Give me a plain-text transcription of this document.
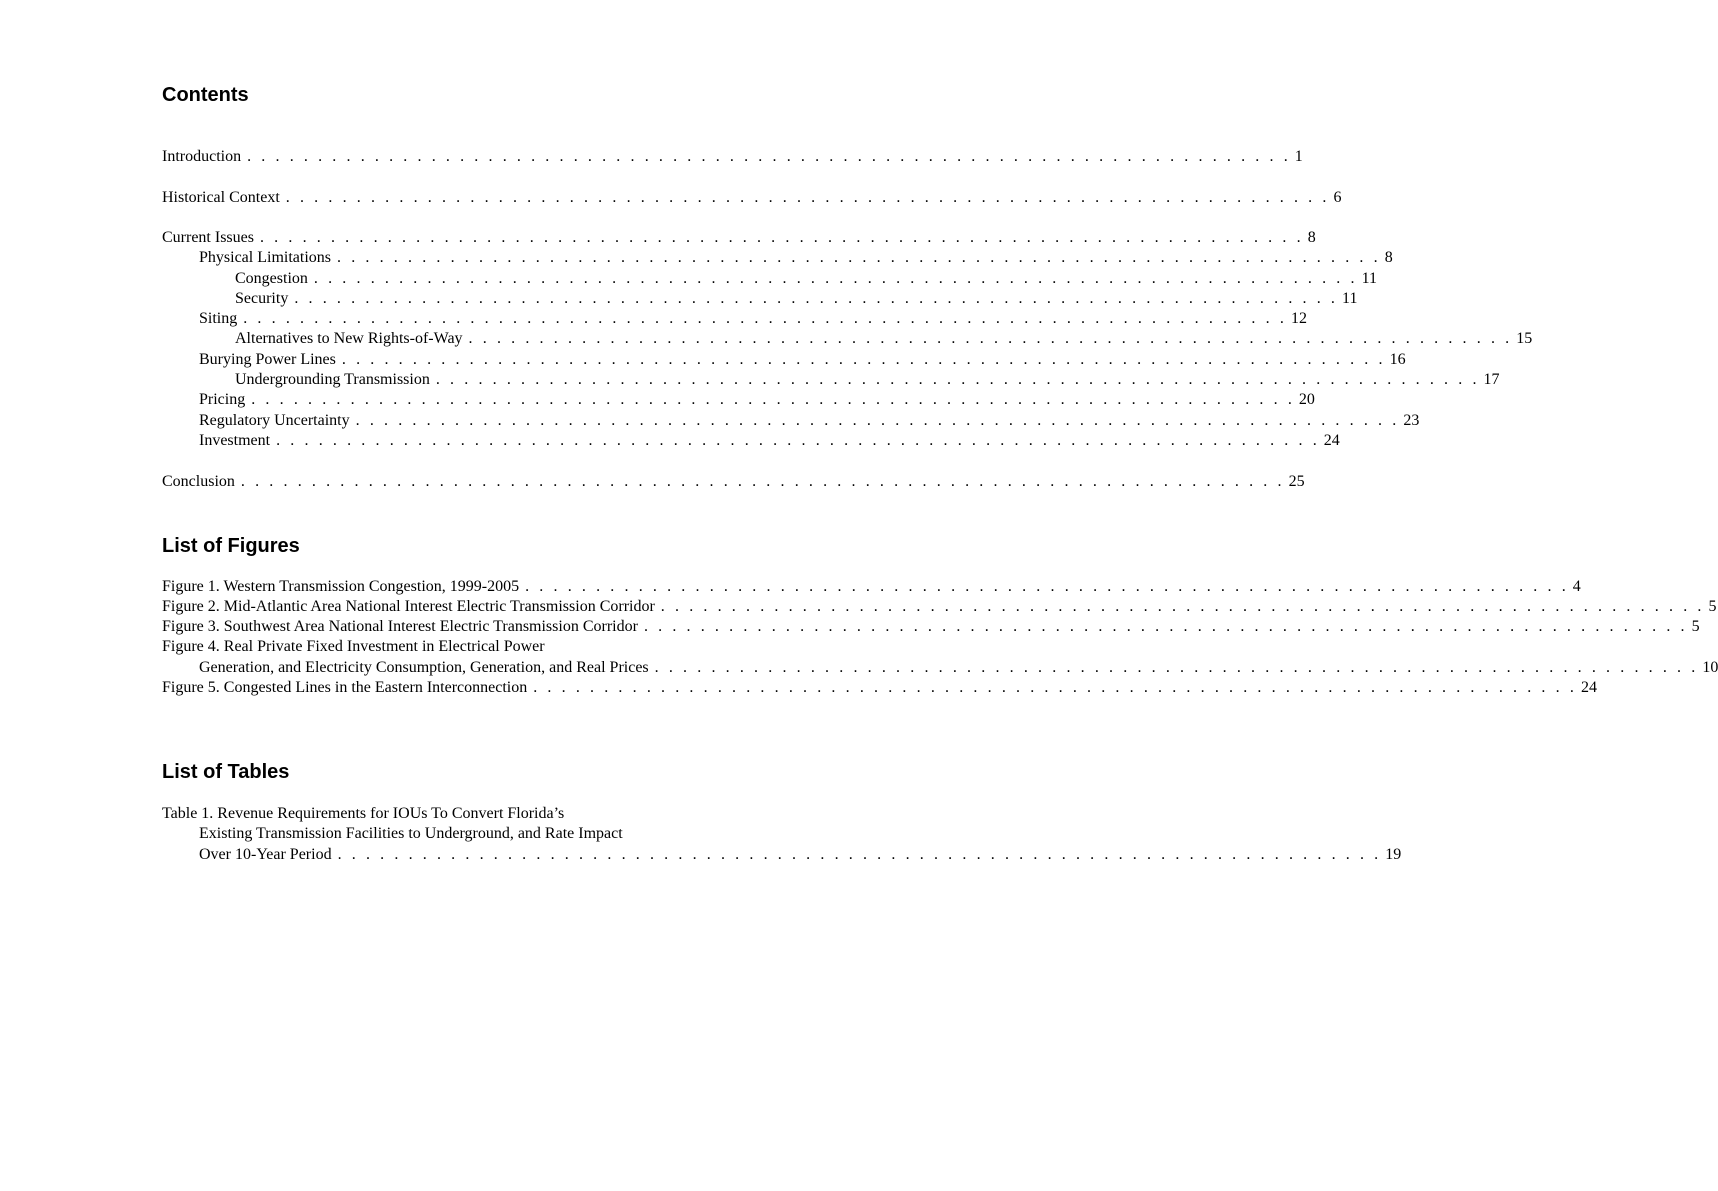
Contents
Introduction . . . . . . . . . . . . . . . . . . . . . . . . . . . . . . . . . . . . . . . . . . . . . . . . . . . . . . . . . . . . . . . . . . . . . . . . . . 1
Historical Context . . . . . . . . . . . . . . . . . . . . . . . . . . . . . . . . . . . . . . . . . . . . . . . . . . . . . . . . . . . . . . . . . . . . . . . . . . 6
Current Issues . . . . . . . . . . . . . . . . . . . . . . . . . . . . . . . . . . . . . . . . . . . . . . . . . . . . . . . . . . . . . . . . . . . . . . . . . . 8
Physical Limitations . . . . . . . . . . . . . . . . . . . . . . . . . . . . . . . . . . . . . . . . . . . . . . . . . . . . . . . . . . . . . . . . . . . . . . . . . . 8
Congestion . . . . . . . . . . . . . . . . . . . . . . . . . . . . . . . . . . . . . . . . . . . . . . . . . . . . . . . . . . . . . . . . . . . . . . . . . . 11
Security . . . . . . . . . . . . . . . . . . . . . . . . . . . . . . . . . . . . . . . . . . . . . . . . . . . . . . . . . . . . . . . . . . . . . . . . . . 11
Siting . . . . . . . . . . . . . . . . . . . . . . . . . . . . . . . . . . . . . . . . . . . . . . . . . . . . . . . . . . . . . . . . . . . . . . . . . . 12
Alternatives to New Rights-of-Way . . . . . . . . . . . . . . . . . . . . . . . . . . . . . . . . . . . . . . . . . . . . . . . . . . . . . . . . . . . . . . . . . . . . . . . . . . 15
Burying Power Lines . . . . . . . . . . . . . . . . . . . . . . . . . . . . . . . . . . . . . . . . . . . . . . . . . . . . . . . . . . . . . . . . . . . . . . . . . . 16
Undergrounding Transmission . . . . . . . . . . . . . . . . . . . . . . . . . . . . . . . . . . . . . . . . . . . . . . . . . . . . . . . . . . . . . . . . . . . . . . . . . . 17
Pricing . . . . . . . . . . . . . . . . . . . . . . . . . . . . . . . . . . . . . . . . . . . . . . . . . . . . . . . . . . . . . . . . . . . . . . . . . . 20
Regulatory Uncertainty . . . . . . . . . . . . . . . . . . . . . . . . . . . . . . . . . . . . . . . . . . . . . . . . . . . . . . . . . . . . . . . . . . . . . . . . . . 23
Investment . . . . . . . . . . . . . . . . . . . . . . . . . . . . . . . . . . . . . . . . . . . . . . . . . . . . . . . . . . . . . . . . . . . . . . . . . . 24
Conclusion . . . . . . . . . . . . . . . . . . . . . . . . . . . . . . . . . . . . . . . . . . . . . . . . . . . . . . . . . . . . . . . . . . . . . . . . . . 25
List of Figures
Figure 1. Western Transmission Congestion, 1999-2005 . . . . . . . . . . . . . . . . . . . . . . . . . . . . . . . . . . . . . . . . . . . . . . . . . . . . . . . . . . . . . . . . . . . . . . . . . . 4
Figure 2. Mid-Atlantic Area National Interest Electric Transmission Corridor . . . . . . . . . . . . . . . . . . . . . . . . . . . . . . . . . . . . . . . . . . . . . . . . . . . . . . . . . . . . . . . . . . . . . . . . . . 5
Figure 3. Southwest Area National Interest Electric Transmission Corridor . . . . . . . . . . . . . . . . . . . . . . . . . . . . . . . . . . . . . . . . . . . . . . . . . . . . . . . . . . . . . . . . . . . . . . . . . . 5
Figure 4. Real Private Fixed Investment in Electrical Power
Generation, and Electricity Consumption, Generation, and Real Prices . . . . . . . . . . . . . . . . . . . . . . . . . . . . . . . . . . . . . . . . . . . . . . . . . . . . . . . . . . . . . . . . . . . . . . . . . . 10
Figure 5. Congested Lines in the Eastern Interconnection . . . . . . . . . . . . . . . . . . . . . . . . . . . . . . . . . . . . . . . . . . . . . . . . . . . . . . . . . . . . . . . . . . . . . . . . . . 24
List of Tables
Table 1. Revenue Requirements for IOUs To Convert Florida’s
Existing Transmission Facilities to Underground, and Rate Impact
Over 10-Year Period . . . . . . . . . . . . . . . . . . . . . . . . . . . . . . . . . . . . . . . . . . . . . . . . . . . . . . . . . . . . . . . . . . . . . . . . . . 19
